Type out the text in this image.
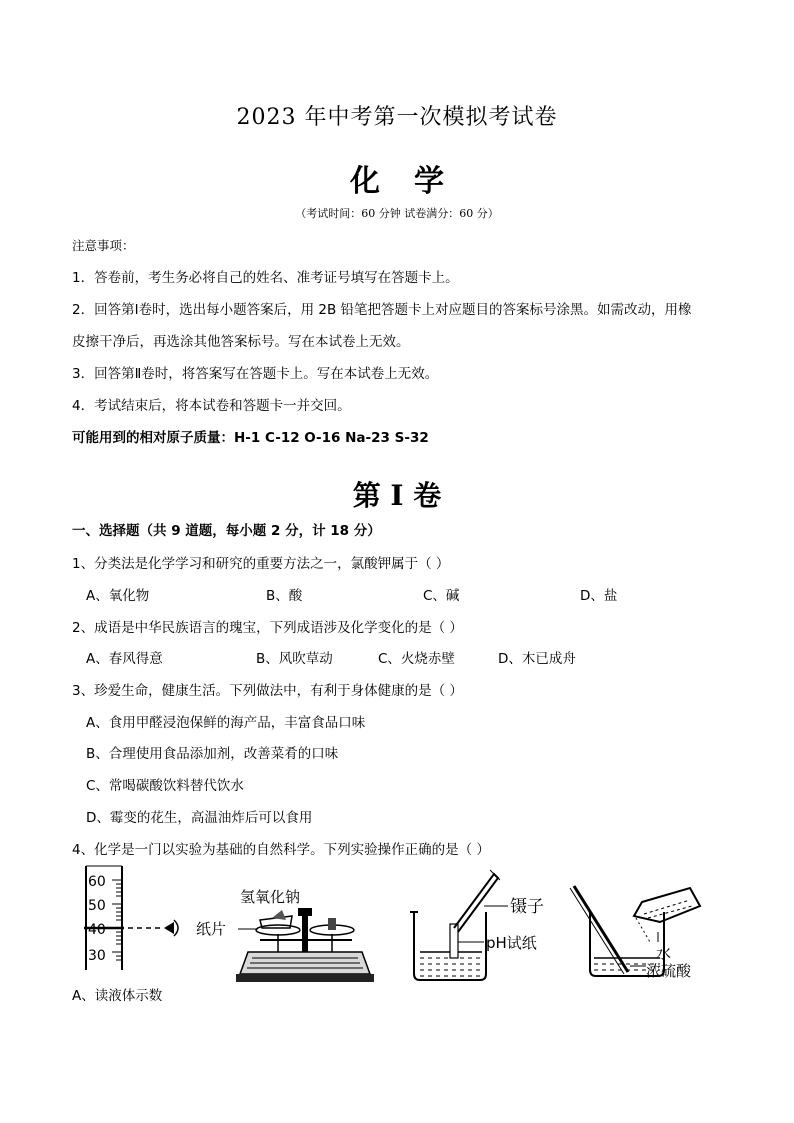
2023 年中考第一次模拟考试卷
化学
（考试时间：60 分钟 试卷满分：60 分）
注意事项：
1．答卷前，考生务必将自己的姓名、准考证号填写在答题卡上。
2．回答第Ⅰ卷时，选出每小题答案后，用 2B 铅笔把答题卡上对应题目的答案标号涂黑。如需改动，用橡
皮擦干净后，再选涂其他答案标号。写在本试卷上无效。
3．回答第Ⅱ卷时，将答案写在答题卡上。写在本试卷上无效。
4．考试结束后，将本试卷和答题卡一并交回。
可能用到的相对原子质量：H-1 C-12 O-16 Na-23 S-32
第 I 卷
一、选择题（共 9 道题，每小题 2 分，计 18 分）
1、分类法是化学学习和研究的重要方法之一，氯酸钾属于（ ）
A、氧化物	B、酸	C、碱	D、盐
2、成语是中华民族语言的瑰宝，下列成语涉及化学变化的是（ ）
A、春风得意	B、风吹草动	C、火烧赤壁	D、木已成舟
3、珍爱生命，健康生活。下列做法中，有利于身体健康的是（ ）
A、食用甲醛浸泡保鲜的海产品，丰富食品口味
B、合理使用食品添加剂，改善菜肴的口味
C、常喝碳酸饮料替代饮水
D、霉变的花生，高温油炸后可以食用
4、化学是一门以实验为基础的自然科学。下列实验操作正确的是（ ）
60
50
40
30
氢氧化钠
纸片
镊子
pH试纸
水
浓硫酸
A、读液体示数
